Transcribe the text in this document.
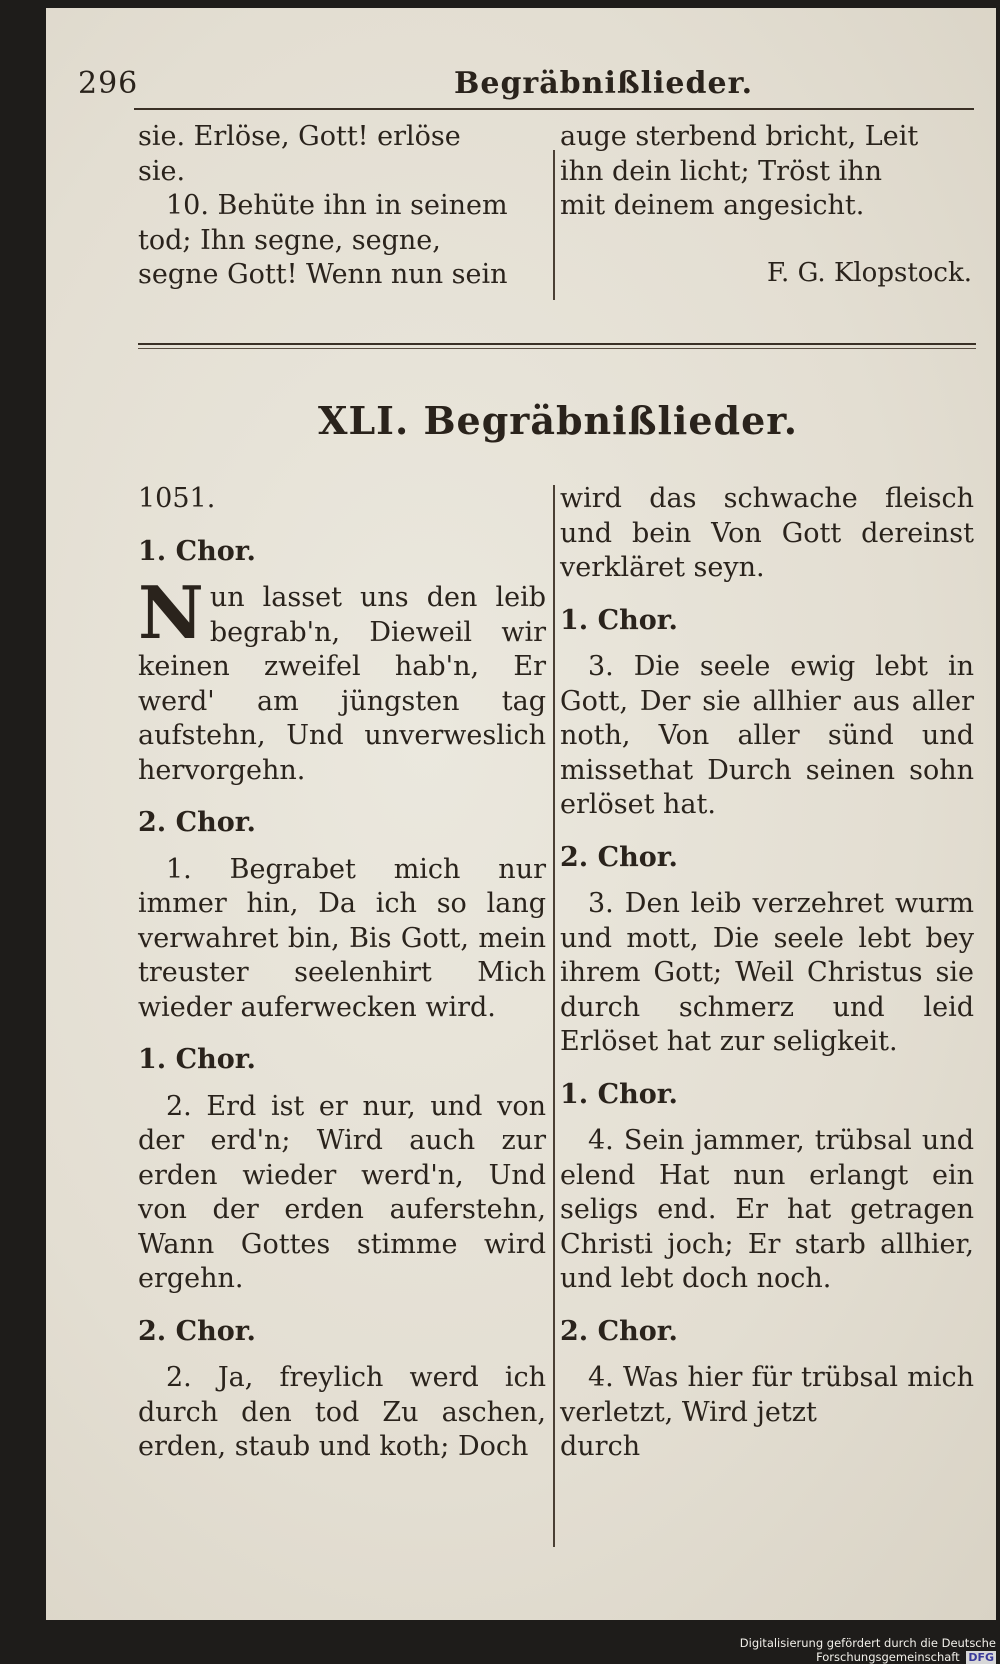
296	Begräbnißlieder.

sie. Erlöse, Gott! erlöse

sie.

10. Behüte ihn in seinem

tod; Ihn segne, segne,

segne Gott! Wenn nun sein

auge sterbend bricht, Leit

ihn dein licht; Tröst ihn

mit deinem angesicht.

F. G. Klopstock.

XLI. Begräbnißlieder.

1051.

1. Chor.

Nun lasset uns den leib begrab'n, Dieweil wir keinen zweifel hab'n, Er werd' am jüngsten tag aufstehn, Und unverweslich hervorgehn.

2. Chor.

1. Begrabet mich nur immer hin, Da ich so lang verwahret bin, Bis Gott, mein treuster seelenhirt Mich wieder auferwecken wird.

1. Chor.

2. Erd ist er nur, und von der erd'n; Wird auch zur erden wieder werd'n, Und von der erden auferstehn, Wann Gottes stimme wird ergehn.

2. Chor.

2. Ja, freylich werd ich durch den tod Zu aschen, erden, staub und koth; Doch

wird das schwache fleisch und bein Von Gott dereinst verkläret seyn.

1. Chor.

3. Die seele ewig lebt in Gott, Der sie allhier aus aller noth, Von aller sünd und missethat Durch seinen sohn erlöset hat.

2. Chor.

3. Den leib verzehret wurm und mott, Die seele lebt bey ihrem Gott; Weil Christus sie durch schmerz und leid Erlöset hat zur seligkeit.

1. Chor.

4. Sein jammer, trübsal und elend Hat nun erlangt ein seligs end. Er hat getragen Christi joch; Er starb allhier, und lebt doch noch.

2. Chor.

4. Was hier für trübsal mich verletzt, Wird jetzt

durch

Digitalisierung gefördert durch die Deutsche Forschungsgemeinschaft DFG
